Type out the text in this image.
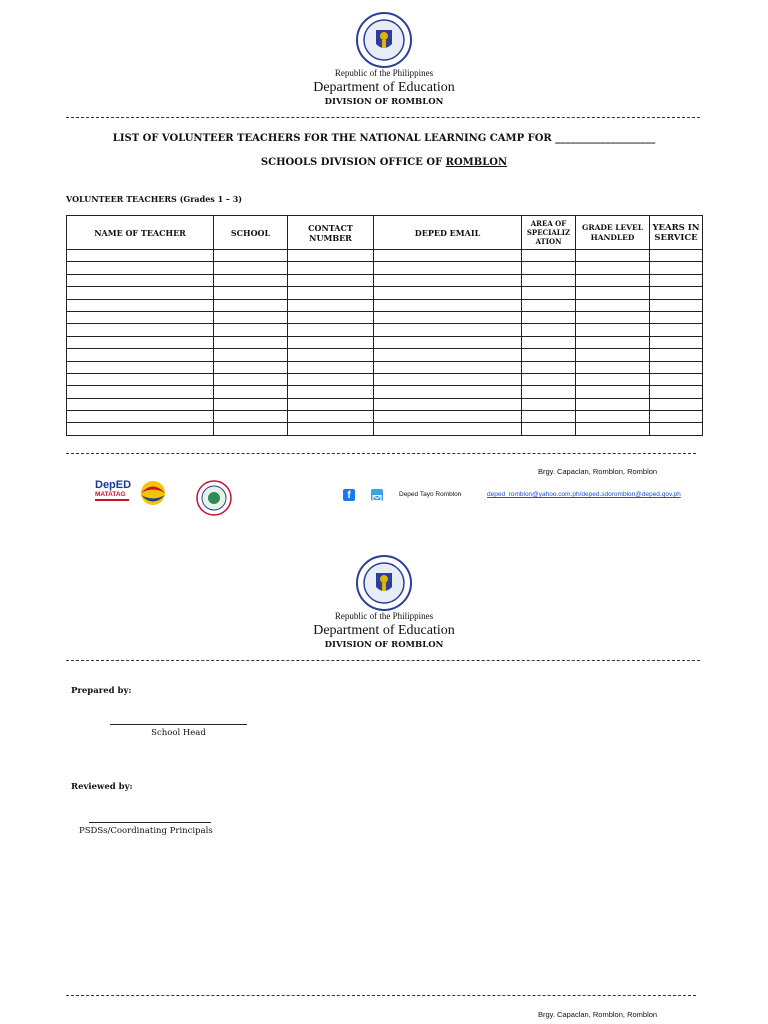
Republic of the Philippines
Department of Education
DIVISION OF ROMBLON
LIST OF VOLUNTEER TEACHERS FOR THE NATIONAL LEARNING CAMP FOR ____________________
SCHOOLS DIVISION OFFICE OF ROMBLON
VOLUNTEER TEACHERS (Grades 1 – 3)
NAME OF TEACHER	SCHOOL	CONTACT NUMBER	DEPED EMAIL	AREA OF SPECIALIZ ATION	GRADE LEVEL HANDLED	YEARS IN SERVICE

Brgy. Capaclan, Romblon, Romblon
DepED
MATATAG	f	Deped Tayo Romblon	deped_romblon@yahoo.com.ph/deped.sdoromblon@deped.gov.ph
Republic of the Philippines
Department of Education
DIVISION OF ROMBLON
Prepared by:
School Head
Reviewed by:
PSDSs/Coordinating Principals
Brgy. Capaclan, Romblon, Romblon
